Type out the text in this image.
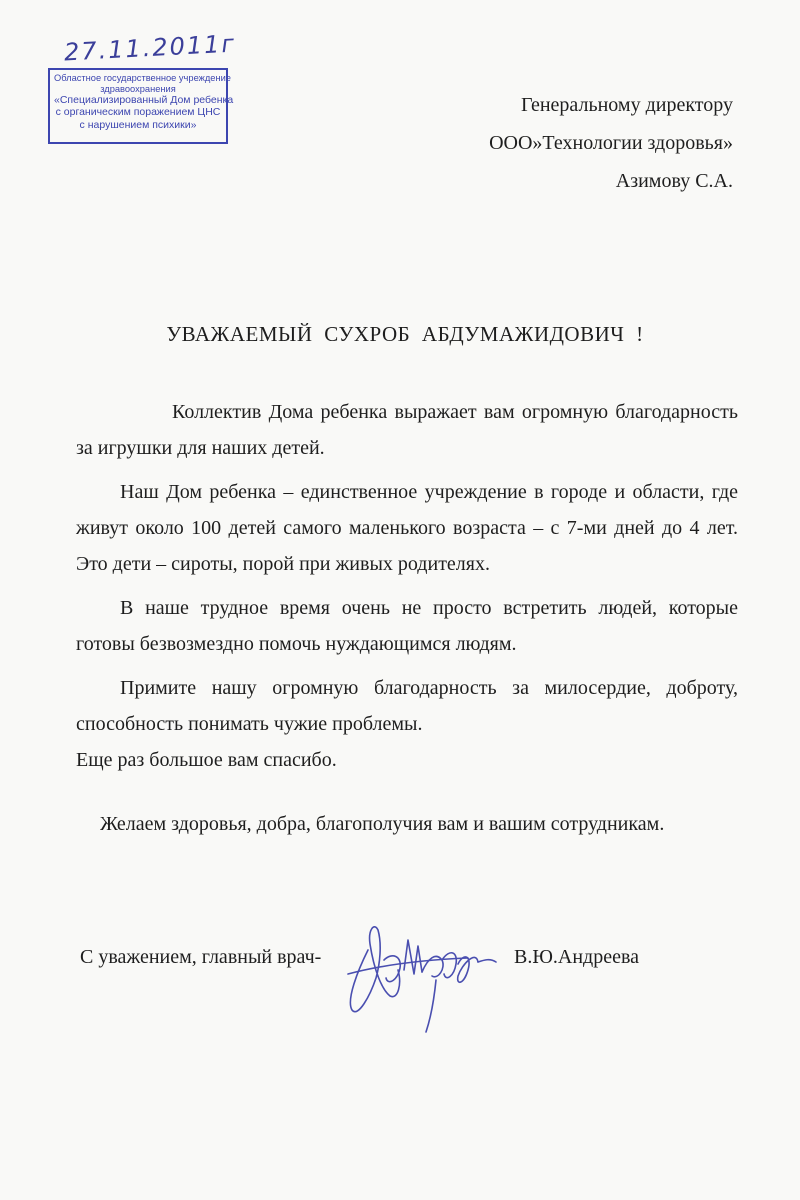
27.11.2011г
Областное государственное учреждение
здравоохранения
«Специализированный Дом ребенка
с органическим поражением ЦНС
с нарушением психики»
Генеральному директору
ООО»Технологии здоровья»
Азимову С.А.
УВАЖАЕМЫЙ СУХРОБ АБДУМАЖИДОВИЧ !
Коллектив Дома ребенка выражает вам огромную благодарность за игрушки для наших детей.
Наш Дом ребенка – единственное учреждение в городе и области, где живут около 100 детей самого маленького возраста – с 7-ми дней до 4 лет. Это дети – сироты, порой при живых родителях.
В наше трудное время очень не просто встретить людей, которые готовы безвозмездно помочь нуждающимся людям.
Примите нашу огромную благодарность за милосердие, доброту, способность понимать чужие проблемы.
Еще раз большое вам спасибо.
Желаем здоровья, добра, благополучия вам и вашим сотрудникам.
С уважением, главный врач-	В.Ю.Андреева
